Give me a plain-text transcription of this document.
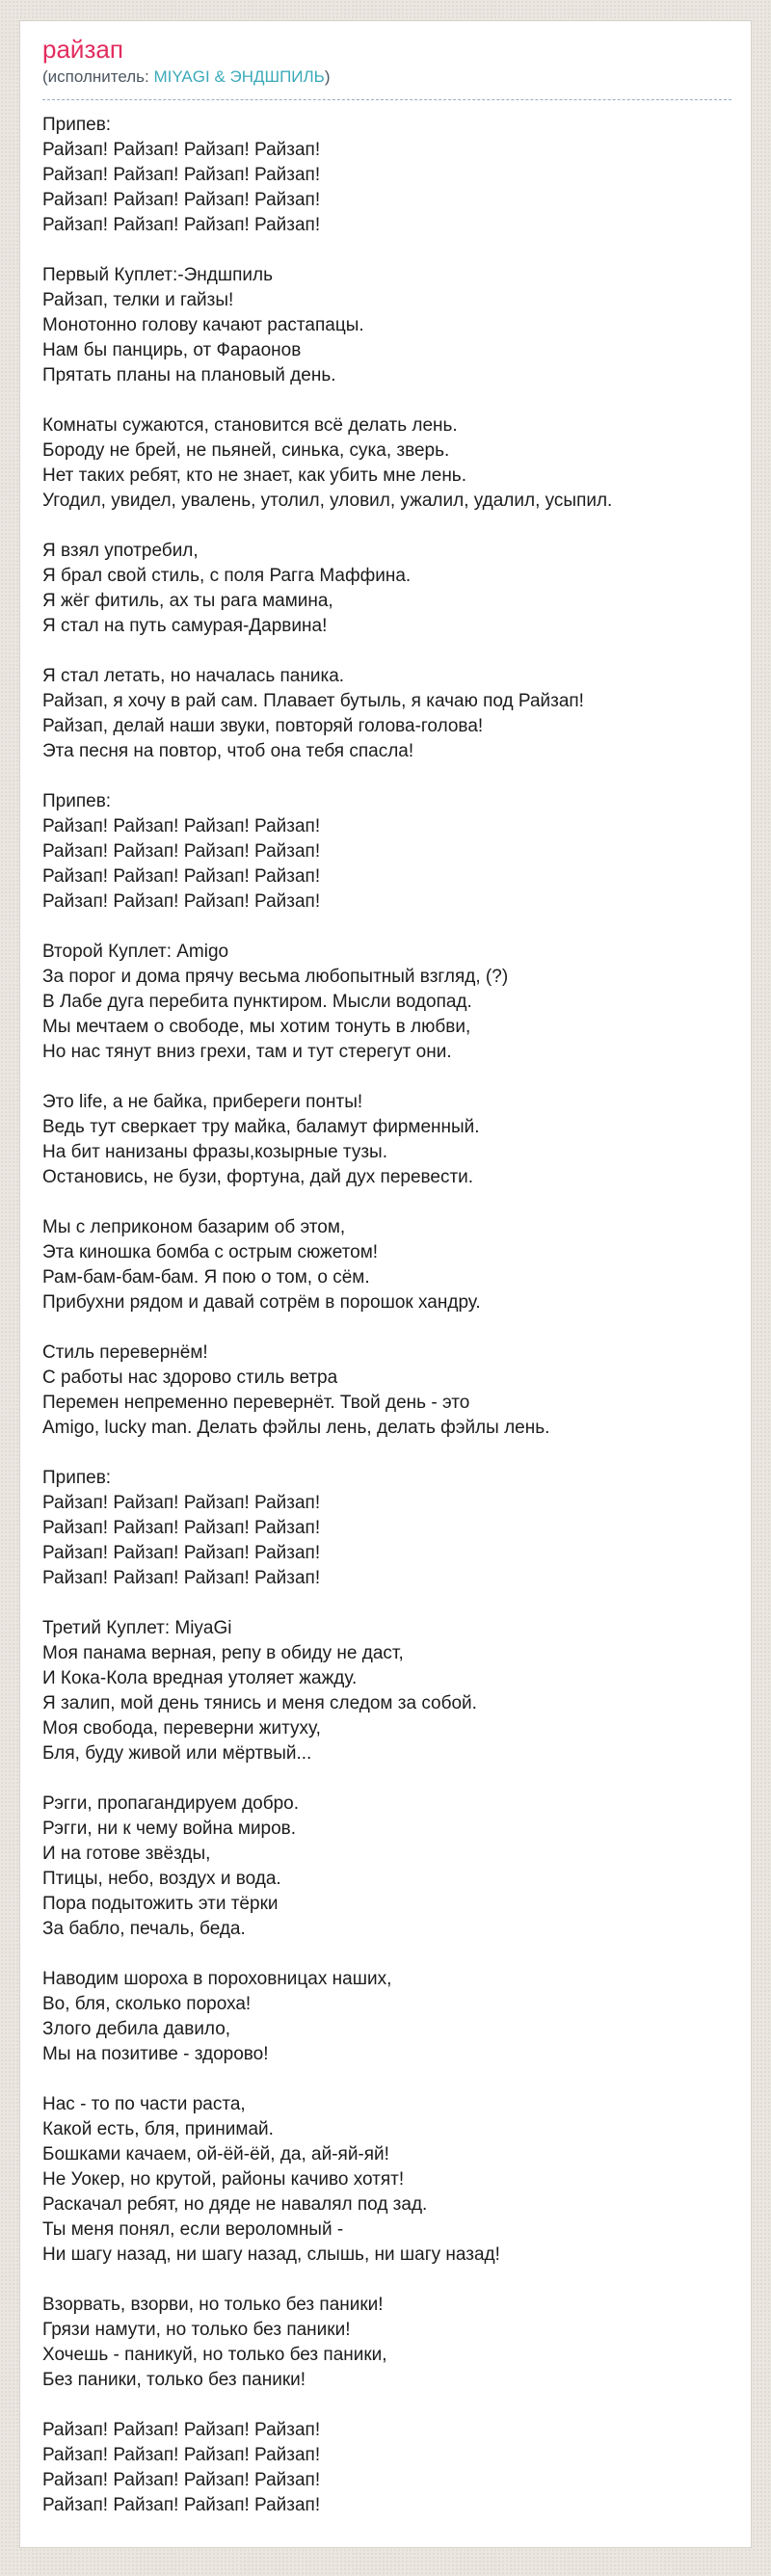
райзап
(исполнитель: MIYAGI & ЭНДШПИЛЬ)
Припев:
Райзап! Райзап! Райзап! Райзап!
Райзап! Райзап! Райзап! Райзап!
Райзап! Райзап! Райзап! Райзап!
Райзап! Райзап! Райзап! Райзап!
Первый Куплет:-Эндшпиль
Райзап, телки и гайзы!
Монотонно голову качают растапацы.
Нам бы панцирь, от Фараонов
Прятать планы на плановый день.
Комнаты сужаются, становится всё делать лень.
Бороду не брей, не пьяней, синька, сука, зверь.
Нет таких ребят, кто не знает, как убить мне лень.
Угодил, увидел, увалень, утолил, уловил, ужалил, удалил, усыпил.
Я взял употребил,
Я брал свой стиль, с поля Рагга Маффина.
Я жёг фитиль, ах ты рага мамина,
Я стал на путь самурая-Дарвина!
Я стал летать, но началась паника.
Райзап, я хочу в рай сам. Плавает бутыль, я качаю под Райзап!
Райзап, делай наши звуки, повторяй голова-голова!
Эта песня на повтор, чтоб она тебя спасла!
Припев:
Райзап! Райзап! Райзап! Райзап!
Райзап! Райзап! Райзап! Райзап!
Райзап! Райзап! Райзап! Райзап!
Райзап! Райзап! Райзап! Райзап!
Второй Куплет: Amigo
За порог и дома прячу весьма любопытный взгляд, (?)
В Лабе дуга перебита пунктиром. Мысли водопад.
Мы мечтаем о свободе, мы хотим тонуть в любви,
Но нас тянут вниз грехи, там и тут стерегут они.
Это life, а не байка, прибереги понты!
Ведь тут сверкает тру майка, баламут фирменный.
На бит нанизаны фразы,козырные тузы.
Остановись, не бузи, фортуна, дай дух перевести.
Мы с леприконом базарим об этом,
Эта киношка бомба с острым сюжетом!
Рам-бам-бам-бам. Я пою о том, о сём.
Прибухни рядом и давай сотрём в порошок хандру.
Стиль перевернём!
С работы нас здорово стиль ветра
Перемен непременно перевернёт. Твой день - это
Amigo, lucky man. Делать фэйлы лень, делать фэйлы лень.
Припев:
Райзап! Райзап! Райзап! Райзап!
Райзап! Райзап! Райзап! Райзап!
Райзап! Райзап! Райзап! Райзап!
Райзап! Райзап! Райзап! Райзап!
Третий Куплет: MiyaGi
Моя панама верная, репу в обиду не даст,
И Кока-Кола вредная утоляет жажду.
Я залип, мой день тянись и меня следом за собой.
Моя свобода, переверни житуху,
Бля, буду живой или мёртвый...
Рэгги, пропагандируем добро.
Рэгги, ни к чему война миров.
И на готове звёзды,
Птицы, небо, воздух и вода.
Пора подытожить эти тёрки
За бабло, печаль, беда.
Наводим шороха в пороховницах наших,
Во, бля, сколько пороха!
Злого дебила давило,
Мы на позитиве - здорово!
Нас - то по части раста,
Какой есть, бля, принимай.
Бошками качаем, ой-ёй-ёй, да, ай-яй-яй!
Не Уокер, но крутой, районы качиво хотят!
Раскачал ребят, но дяде не навалял под зад.
Ты меня понял, если вероломный -
Ни шагу назад, ни шагу назад, слышь, ни шагу назад!
Взорвать, взорви, но только без паники!
Грязи намути, но только без паники!
Хочешь - паникуй, но только без паники,
Без паники, только без паники!
Райзап! Райзап! Райзап! Райзап!
Райзап! Райзап! Райзап! Райзап!
Райзап! Райзап! Райзап! Райзап!
Райзап! Райзап! Райзап! Райзап!
